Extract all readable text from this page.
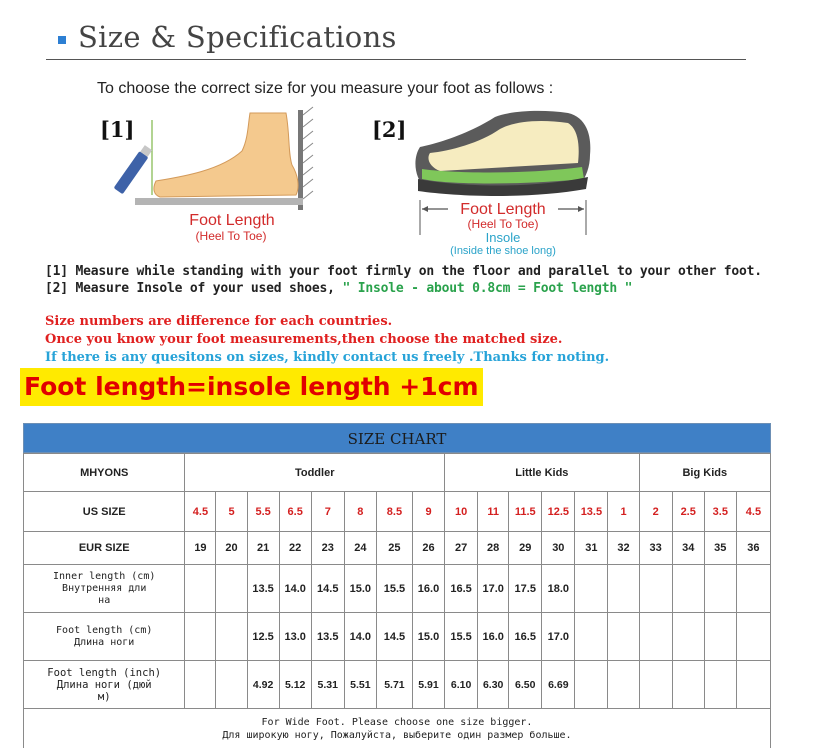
Size & Specifications
To choose the correct size for you measure your foot as follows :
[1]	[2]
Foot Length
(Heel To Toe)
Foot Length
(Heel To Toe)
Insole
(Inside the shoe long)
[1] Measure while standing with your foot firmly on the floor and parallel to your other foot.
[2] Measure Insole of your used shoes, " Insole - about 0.8cm = Foot length "
Size numbers are difference for each countries.
Once you know your foot measurements,then choose the matched size.
If there is any quesitons on sizes, kindly contact us freely .Thanks for noting.
Foot length=insole length +1cm
SIZE CHART
MHYONS	Toddler								Little Kids						Big Kids			
US SIZE	4.5	5	5.5	6.5	7	8	8.5	9	10	11	11.5	12.5	13.5	1	2	2.5	3.5	4.5
EUR SIZE	19	20	21	22	23	24	25	26	27	28	29	30	31	32	33	34	35	36

Inner length (cm)
Внутренняя дли
на			13.5	14.0	14.5	15.0	15.5	16.0	16.5	17.0	17.5	18.0						

Foot length (cm)
Длина ноги			12.5	13.0	13.5	14.0	14.5	15.0	15.5	16.0	16.5	17.0						

Foot length (inch)
Длина ноги (дюй
м)			4.92	5.12	5.31	5.51	5.71	5.91	6.10	6.30	6.50	6.69						

For Wide Foot. Please choose one size bigger.
Для широкую ногу, Пожалуйста, выберите один размер больше.																		
